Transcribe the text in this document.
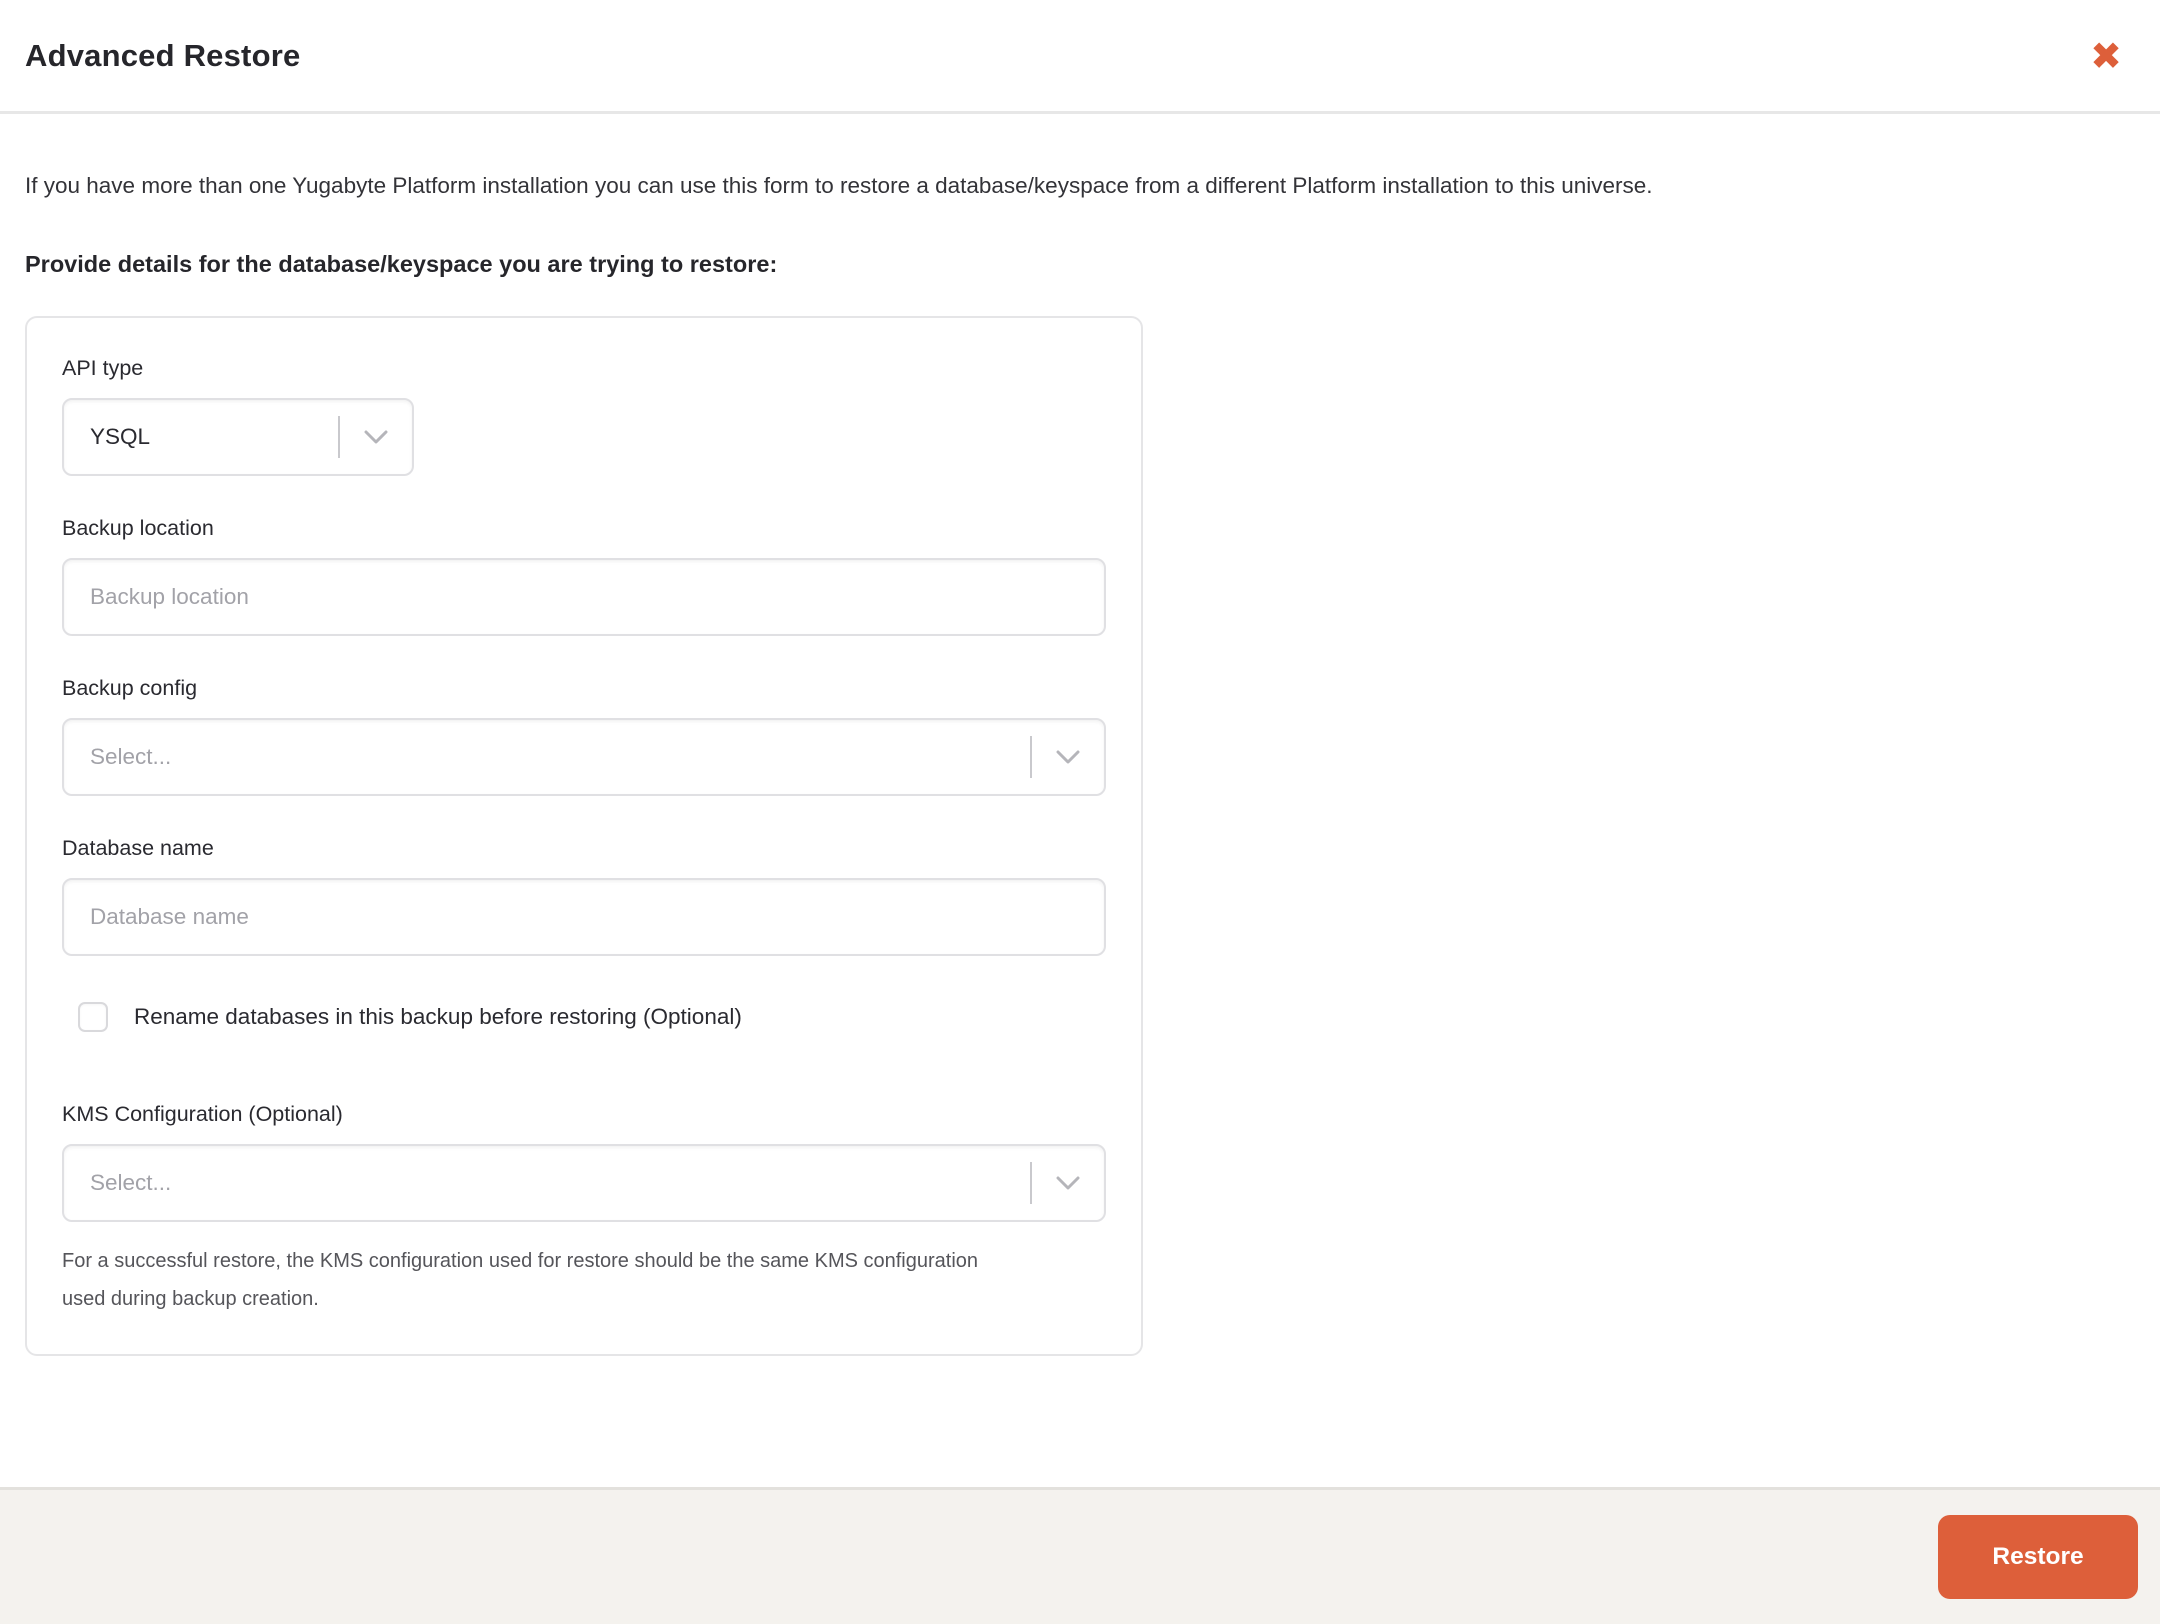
Advanced Restore	✖

If you have more than one Yugabyte Platform installation you can use this form to restore a database/keyspace from a different Platform installation to this universe.

Provide details for the database/keyspace you are trying to restore:
API type
YSQL
Backup location
Backup location
Backup config
Select...
Database name
Database name
Rename databases in this backup before restoring (Optional)
KMS Configuration (Optional)
Select...

For a successful restore, the KMS configuration used for restore should be the same KMS configuration used during backup creation.

Restore
